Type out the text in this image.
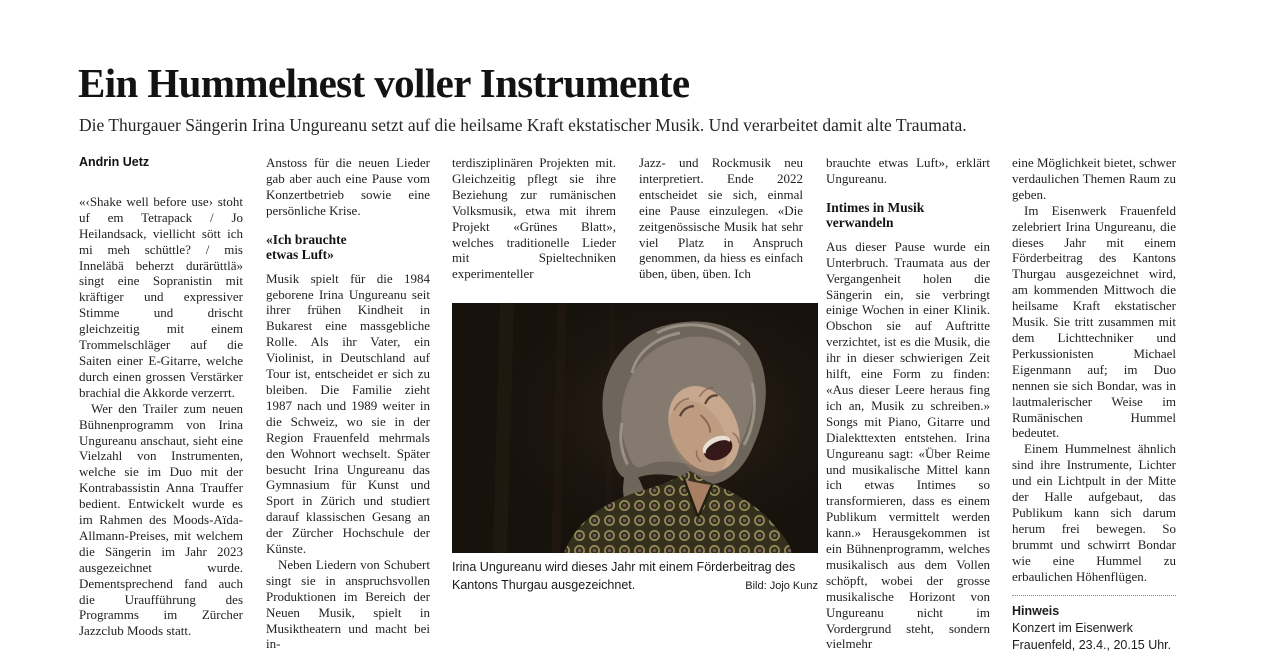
Ein Hummelnest voller Instrumente

Die Thurgauer Sängerin Irina Ungureanu setzt auf die heilsame Kraft ekstatischer Musik. Und verarbeitet damit alte Traumata.

Andrin Uetz

«‹Shake well before use› stoht uf em Tetrapack / Jo Heilandsack, viellicht sött ich mi meh schüttle? / mis Inneläbä beherzt durärüttlä» singt eine Sopranistin mit kräftiger und expressiver Stimme und drischt gleichzeitig mit einem Trommelschläger auf die Saiten einer E-Gitarre, welche durch einen grossen Verstärker brachial die Akkorde verzerrt.

Wer den Trailer zum neuen Bühnenprogramm von Irina Ungureanu anschaut, sieht eine Vielzahl von Instrumenten, welche sie im Duo mit der Kontrabassistin Anna Trauffer bedient. Entwickelt wurde es im Rahmen des Moods-Aïda-Allmann-Preises, mit welchem die Sängerin im Jahr 2023 ausgezeichnet wurde. Dementsprechend fand auch die Uraufführung des Programms im Zürcher Jazzclub Moods statt.

Anstoss für die neuen Lieder gab aber auch eine Pause vom Konzertbetrieb sowie eine persönliche Krise.

«Ich brauchte
etwas Luft»

Musik spielt für die 1984 geborene Irina Ungureanu seit ihrer frühen Kindheit in Bukarest eine massgebliche Rolle. Als ihr Vater, ein Violinist, in Deutschland auf Tour ist, entscheidet er sich zu bleiben. Die Familie zieht 1987 nach und 1989 weiter in die Schweiz, wo sie in der Region Frauenfeld mehrmals den Wohnort wechselt. Später besucht Irina Ungureanu das Gymnasium für Kunst und Sport in Zürich und studiert darauf klassischen Gesang an der Zürcher Hochschule der Künste.

Neben Liedern von Schubert singt sie in anspruchsvollen Produktionen im Bereich der Neuen Musik, spielt in Musiktheatern und macht bei in-

terdisziplinären Projekten mit. Gleichzeitig pflegt sie ihre Beziehung zur rumänischen Volksmusik, etwa mit ihrem Projekt «Grünes Blatt», welches traditionelle Lieder mit Spieltechniken experimenteller

Jazz- und Rockmusik neu interpretiert. Ende 2022 entscheidet sie sich, einmal eine Pause einzulegen. «Die zeitgenössische Musik hat sehr viel Platz in Anspruch genommen, da hiess es einfach üben, üben, üben. Ich

brauchte etwas Luft», erklärt Ungureanu.

Intimes in Musik
verwandeln

Aus dieser Pause wurde ein Unterbruch. Traumata aus der Vergangenheit holen die Sängerin ein, sie verbringt einige Wochen in einer Klinik. Obschon sie auf Auftritte verzichtet, ist es die Musik, die ihr in dieser schwierigen Zeit hilft, eine Form zu finden: «Aus dieser Leere heraus fing ich an, Musik zu schreiben.» Songs mit Piano, Gitarre und Dialekttexten entstehen. Irina Ungureanu sagt: «Über Reime und musikalische Mittel kann ich etwas Intimes so transformieren, dass es einem Publikum vermittelt werden kann.» Herausgekommen ist ein Bühnenprogramm, welches musikalisch aus dem Vollen schöpft, wobei der grosse musikalische Horizont von Ungureanu nicht im Vordergrund steht, sondern vielmehr

eine Möglichkeit bietet, schwer verdaulichen Themen Raum zu geben.

Im Eisenwerk Frauenfeld zelebriert Irina Ungureanu, die dieses Jahr mit einem Förderbeitrag des Kantons Thurgau ausgezeichnet wird, am kommenden Mittwoch die heilsame Kraft ekstatischer Musik. Sie tritt zusammen mit dem Lichttechniker und Perkussionisten Michael Eigenmann auf; im Duo nennen sie sich Bondar, was in lautmalerischer Weise im Rumänischen Hummel bedeutet.

Einem Hummelnest ähnlich sind ihre Instrumente, Lichter und ein Lichtpult in der Mitte der Halle aufgebaut, das Publikum kann sich darum herum frei bewegen. So brummt und schwirrt Bondar wie eine Hummel zu erbaulichen Höhenflügen.

Hinweis
Konzert im Eisenwerk
Frauenfeld, 23.4., 20.15 Uhr.
Irina Ungureanu wird dieses Jahr mit einem Förderbeitrag des Kantons Thurgau ausgezeichnet.	Bild: Jojo Kunz
